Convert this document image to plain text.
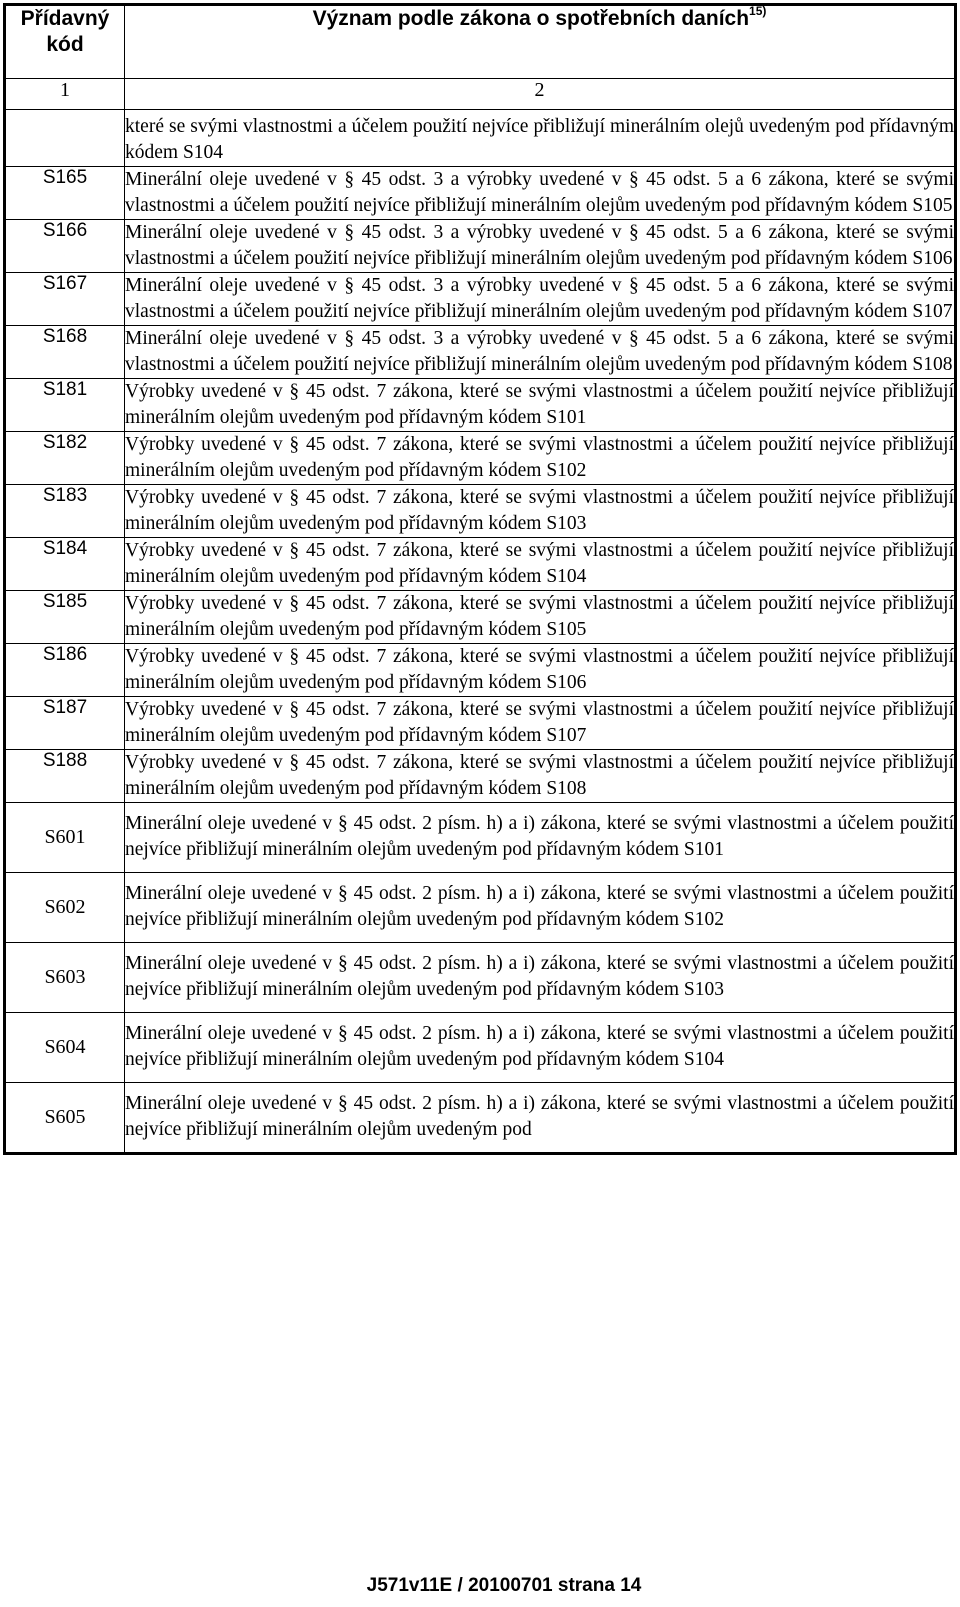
Přídavný kód	Význam podle zákona o spotřebních daních$^{15)}$
1	2
	které se svými vlastnostmi a účelem použití nejvíce přibližují minerálním olejů uvedeným pod přídavným kódem S104
S165	Minerální oleje uvedené v § 45 odst. 3 a výrobky uvedené v § 45 odst. 5 a 6 zákona, které se svými vlastnostmi a účelem použití nejvíce přibližují minerálním olejům uvedeným pod přídavným kódem S105
S166	Minerální oleje uvedené v § 45 odst. 3 a výrobky uvedené v § 45 odst. 5 a 6 zákona, které se svými vlastnostmi a účelem použití nejvíce přibližují minerálním olejům uvedeným pod přídavným kódem S106
S167	Minerální oleje uvedené v § 45 odst. 3 a výrobky uvedené v § 45 odst. 5 a 6 zákona, které se svými vlastnostmi a účelem použití nejvíce přibližují minerálním olejům uvedeným pod přídavným kódem S107
S168	Minerální oleje uvedené v § 45 odst. 3 a výrobky uvedené v § 45 odst. 5 a 6 zákona, které se svými vlastnostmi a účelem použití nejvíce přibližují minerálním olejům uvedeným pod přídavným kódem S108
S181	Výrobky uvedené v § 45 odst. 7 zákona, které se svými vlastnostmi a účelem použití nejvíce přibližují minerálním olejům uvedeným pod přídavným kódem S101
S182	Výrobky uvedené v § 45 odst. 7 zákona, které se svými vlastnostmi a účelem použití nejvíce přibližují minerálním olejům uvedeným pod přídavným kódem S102
S183	Výrobky uvedené v § 45 odst. 7 zákona, které se svými vlastnostmi a účelem použití nejvíce přibližují minerálním olejům uvedeným pod přídavným kódem S103
S184	Výrobky uvedené v § 45 odst. 7 zákona, které se svými vlastnostmi a účelem použití nejvíce přibližují minerálním olejům uvedeným pod přídavným kódem S104
S185	Výrobky uvedené v § 45 odst. 7 zákona, které se svými vlastnostmi a účelem použití nejvíce přibližují minerálním olejům uvedeným pod přídavným kódem S105
S186	Výrobky uvedené v § 45 odst. 7 zákona, které se svými vlastnostmi a účelem použití nejvíce přibližují minerálním olejům uvedeným pod přídavným kódem S106
S187	Výrobky uvedené v § 45 odst. 7 zákona, které se svými vlastnostmi a účelem použití nejvíce přibližují minerálním olejům uvedeným pod přídavným kódem S107
S188	Výrobky uvedené v § 45 odst. 7 zákona, které se svými vlastnostmi a účelem použití nejvíce přibližují minerálním olejům uvedeným pod přídavným kódem S108
S601	Minerální oleje uvedené v § 45 odst. 2 písm. h) a i) zákona, které se svými vlastnostmi a účelem použití nejvíce přibližují minerálním olejům uvedeným pod přídavným kódem S101
S602	Minerální oleje uvedené v § 45 odst. 2 písm. h) a i) zákona, které se svými vlastnostmi a účelem použití nejvíce přibližují minerálním olejům uvedeným pod přídavným kódem S102
S603	Minerální oleje uvedené v § 45 odst. 2 písm. h) a i) zákona, které se svými vlastnostmi a účelem použití nejvíce přibližují minerálním olejům uvedeným pod přídavným kódem S103
S604	Minerální oleje uvedené v § 45 odst. 2 písm. h) a i) zákona, které se svými vlastnostmi a účelem použití nejvíce přibližují minerálním olejům uvedeným pod přídavným kódem S104
S605	Minerální oleje uvedené v § 45 odst. 2 písm. h) a i) zákona, které se svými vlastnostmi a účelem použití nejvíce přibližují minerálním olejům uvedeným pod
J571v11E / 20100701 strana 14
